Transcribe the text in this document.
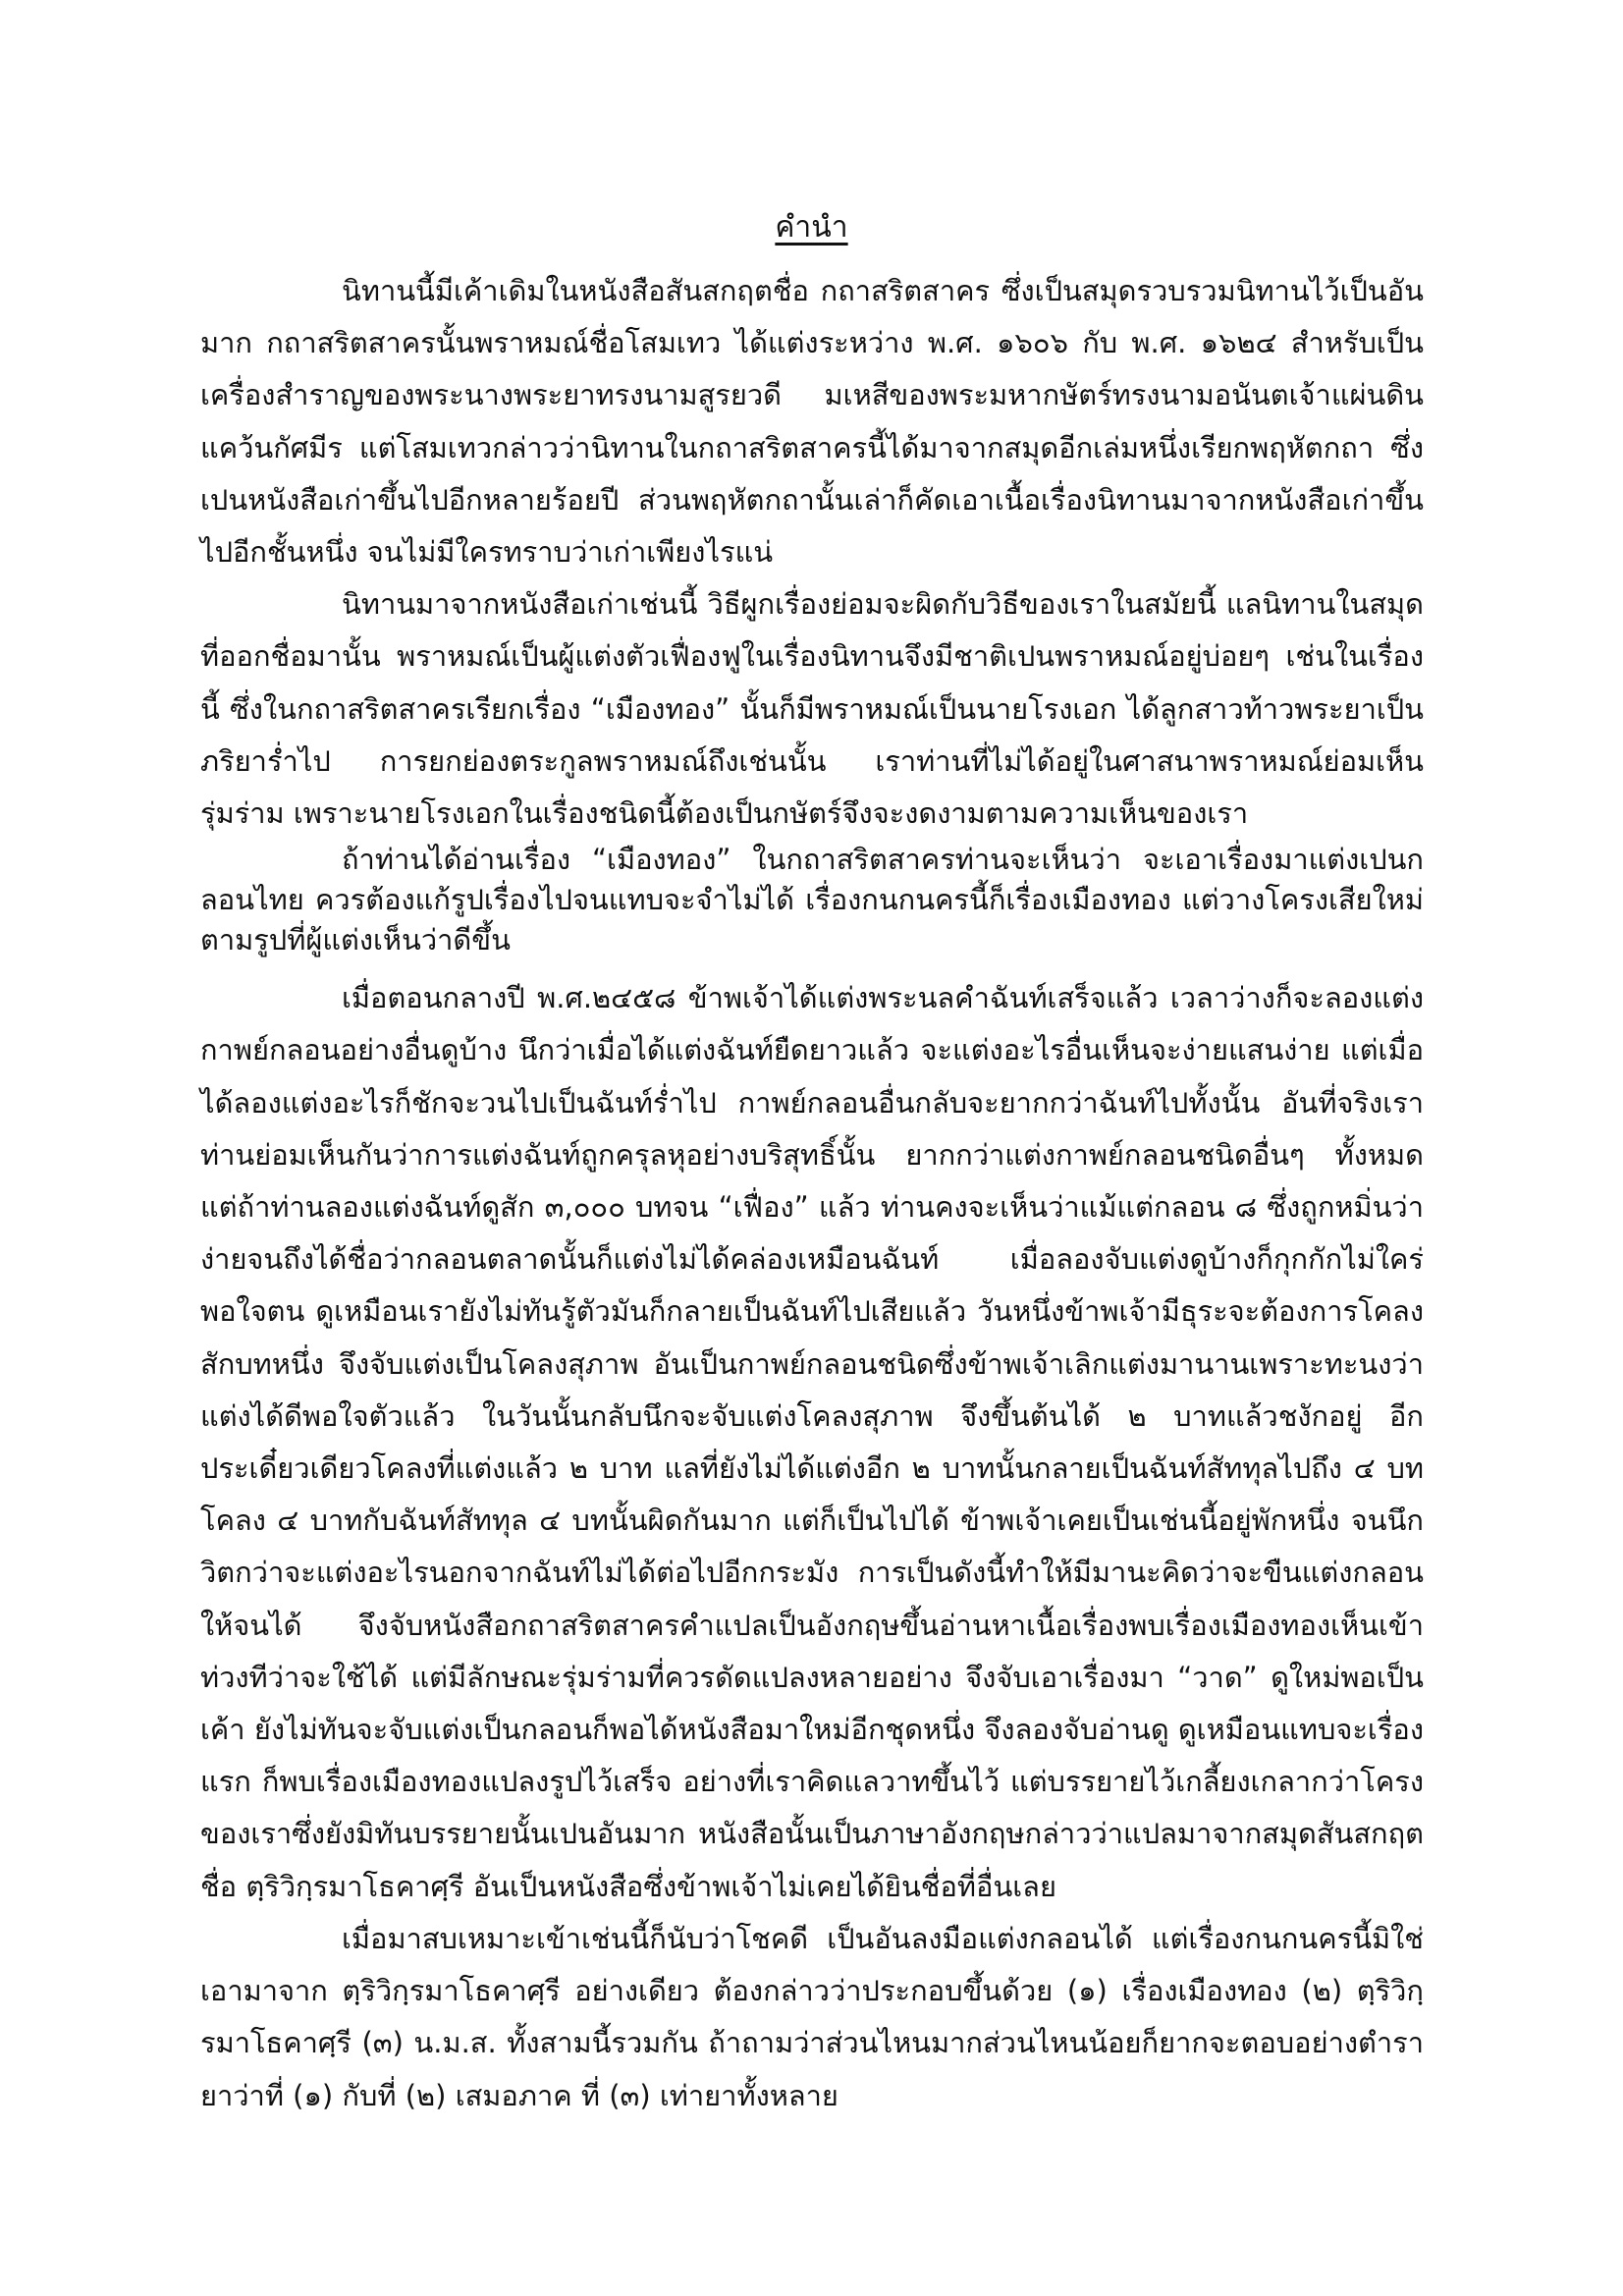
คำนำ

นิทานนี้มีเค้าเดิมในหนังสือสันสกฤตชื่อ กถาสริตสาคร ซึ่งเป็นสมุดรวบรวมนิทานไว้เป็นอันมาก กถาสริตสาครนั้นพราหมณ์ชื่อโสมเทว ได้แต่งระหว่าง พ.ศ. ๑๖๐๖ กับ พ.ศ. ๑๖๒๔ สำหรับเป็นเครื่องสำราญของพระนางพระยาทรงนามสูรยวดี มเหสีของพระมหากษัตร์ทรงนามอนันตเจ้าแผ่นดินแคว้นกัศมีร แต่โสมเทวกล่าวว่านิทานในกถาสริตสาครนี้ได้มาจากสมุดอีกเล่มหนึ่งเรียกพฤหัตกถา ซึ่งเปนหนังสือเก่าขึ้นไปอีกหลายร้อยปี ส่วนพฤหัตกถานั้นเล่าก็คัดเอาเนื้อเรื่องนิทานมาจากหนังสือเก่าขึ้นไปอีกชั้นหนึ่ง จนไม่มีใครทราบว่าเก่าเพียงไรแน่

นิทานมาจากหนังสือเก่าเช่นนี้ วิธีผูกเรื่องย่อมจะผิดกับวิธีของเราในสมัยนี้ แลนิทานในสมุดที่ออกชื่อมานั้น พราหมณ์เป็นผู้แต่งตัวเฟื่องฟูในเรื่องนิทานจึงมีชาติเปนพราหมณ์อยู่บ่อยๆ เช่นในเรื่องนี้ ซึ่งในกถาสริตสาครเรียกเรื่อง “เมืองทอง” นั้นก็มีพราหมณ์เป็นนายโรงเอก ได้ลูกสาวท้าวพระยาเป็นภริยาร่ำไป การยกย่องตระกูลพราหมณ์ถึงเช่นนั้น เราท่านที่ไม่ได้อยู่ในศาสนาพราหมณ์ย่อมเห็นรุ่มร่าม เพราะนายโรงเอกในเรื่องชนิดนี้ต้องเป็นกษัตร์จึงจะงดงามตามความเห็นของเรา

ถ้าท่านได้อ่านเรื่อง “เมืองทอง” ในกถาสริตสาครท่านจะเห็นว่า จะเอาเรื่องมาแต่งเปนกลอนไทย ควรต้องแก้รูปเรื่องไปจนแทบจะจำไม่ได้ เรื่องกนกนครนี้ก็เรื่องเมืองทอง แต่วางโครงเสียใหม่ตามรูปที่ผู้แต่งเห็นว่าดีขึ้น

เมื่อตอนกลางปี พ.ศ.๒๔๕๘ ข้าพเจ้าได้แต่งพระนลคำฉันท์เสร็จแล้ว เวลาว่างก็จะลองแต่งกาพย์กลอนอย่างอื่นดูบ้าง นึกว่าเมื่อได้แต่งฉันท์ยืดยาวแล้ว จะแต่งอะไรอื่นเห็นจะง่ายแสนง่าย แต่เมื่อได้ลองแต่งอะไรก็ชักจะวนไปเป็นฉันท์ร่ำไป กาพย์กลอนอื่นกลับจะยากกว่าฉันท์ไปทั้งนั้น อันที่จริงเราท่านย่อมเห็นกันว่าการแต่งฉันท์ถูกครุลหุอย่างบริสุทธิ์นั้น ยากกว่าแต่งกาพย์กลอนชนิดอื่นๆ ทั้งหมด แต่ถ้าท่านลองแต่งฉันท์ดูสัก ๓,๐๐๐ บทจน “เฟื่อง” แล้ว ท่านคงจะเห็นว่าแม้แต่กลอน ๘ ซึ่งถูกหมิ่นว่าง่ายจนถึงได้ชื่อว่ากลอนตลาดนั้นก็แต่งไม่ได้คล่องเหมือนฉันท์ เมื่อลองจับแต่งดูบ้างก็กุกกักไม่ใคร่พอใจตน ดูเหมือนเรายังไม่ทันรู้ตัวมันก็กลายเป็นฉันท์ไปเสียแล้ว วันหนึ่งข้าพเจ้ามีธุระจะต้องการโคลงสักบทหนึ่ง จึงจับแต่งเป็นโคลงสุภาพ อันเป็นกาพย์กลอนชนิดซึ่งข้าพเจ้าเลิกแต่งมานานเพราะทะนงว่าแต่งได้ดีพอใจตัวแล้ว ในวันนั้นกลับนึกจะจับแต่งโคลงสุภาพ จึงขึ้นต้นได้ ๒ บาทแล้วชงักอยู่ อีกประเดี๋ยวเดียวโคลงที่แต่งแล้ว ๒ บาท แลที่ยังไม่ได้แต่งอีก ๒ บาทนั้นกลายเป็นฉันท์สัททุลไปถึง ๔ บท โคลง ๔ บาทกับฉันท์สัททุล ๔ บทนั้นผิดกันมาก แต่ก็เป็นไปได้ ข้าพเจ้าเคยเป็นเช่นนี้อยู่พักหนึ่ง จนนึกวิตกว่าจะแต่งอะไรนอกจากฉันท์ไม่ได้ต่อไปอีกกระมัง การเป็นดังนี้ทำให้มีมานะคิดว่าจะขืนแต่งกลอนให้จนได้ จึงจับหนังสือกถาสริตสาครคำแปลเป็นอังกฤษขึ้นอ่านหาเนื้อเรื่องพบเรื่องเมืองทองเห็นเข้าท่วงทีว่าจะใช้ได้ แต่มีลักษณะรุ่มร่ามที่ควรดัดแปลงหลายอย่าง จึงจับเอาเรื่องมา “วาด” ดูใหม่พอเป็นเค้า ยังไม่ทันจะจับแต่งเป็นกลอนก็พอได้หนังสือมาใหม่อีกชุดหนึ่ง จึงลองจับอ่านดู ดูเหมือนแทบจะเรื่องแรก ก็พบเรื่องเมืองทองแปลงรูปไว้เสร็จ อย่างที่เราคิดแลวาทขึ้นไว้ แต่บรรยายไว้เกลี้ยงเกลากว่าโครงของเราซึ่งยังมิทันบรรยายนั้นเปนอันมาก หนังสือนั้นเป็นภาษาอังกฤษกล่าวว่าแปลมาจากสมุดสันสกฤตชื่อ ตฺริวิกฺรมาโธคาศฺรี อันเป็นหนังสือซึ่งข้าพเจ้าไม่เคยได้ยินชื่อที่อื่นเลย

เมื่อมาสบเหมาะเข้าเช่นนี้ก็นับว่าโชคดี เป็นอันลงมือแต่งกลอนได้ แต่เรื่องกนกนครนี้มิใช่เอามาจาก ตฺริวิกฺรมาโธคาศฺรี อย่างเดียว ต้องกล่าวว่าประกอบขึ้นด้วย (๑) เรื่องเมืองทอง (๒) ตฺริวิกฺรมาโธคาศฺรี (๓) น.ม.ส. ทั้งสามนี้รวมกัน ถ้าถามว่าส่วนไหนมากส่วนไหนน้อยก็ยากจะตอบอย่างตำรายาว่าที่ (๑) กับที่ (๒) เสมอภาค ที่ (๓) เท่ายาทั้งหลาย
